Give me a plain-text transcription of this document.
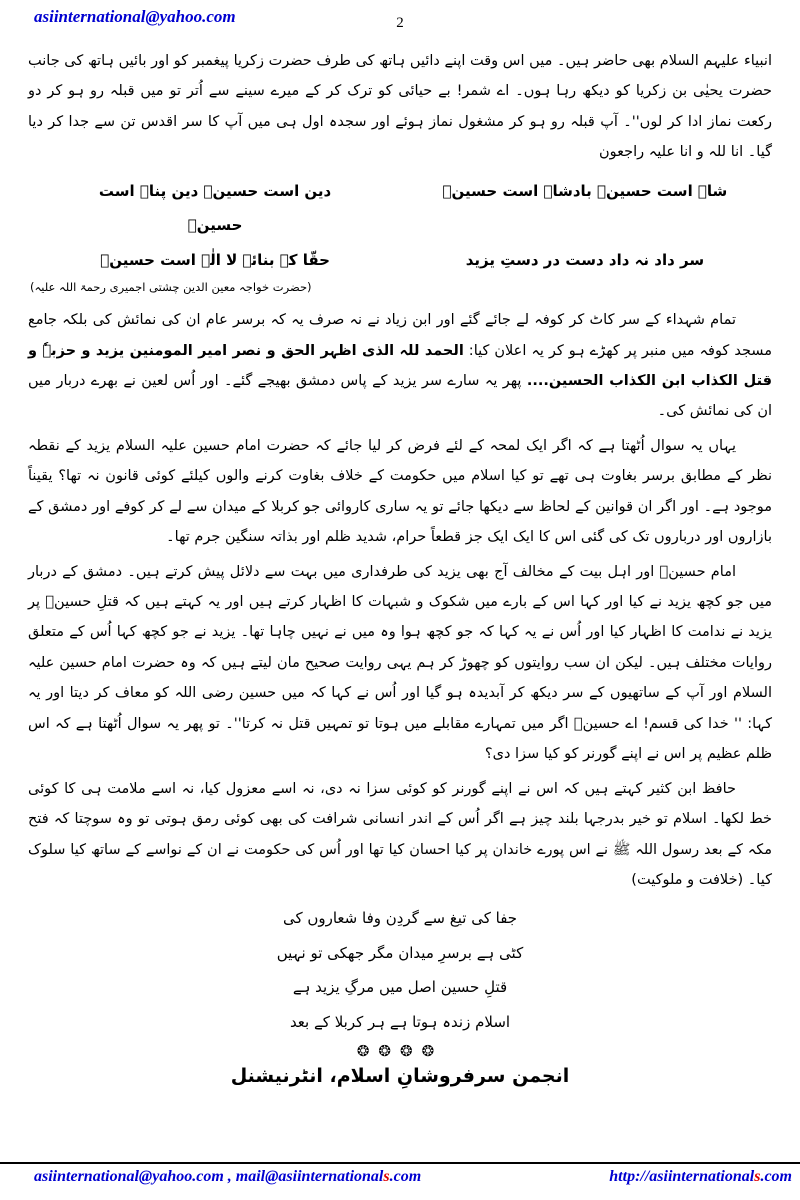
asiinternational@yahoo.com	2

انبیاء علیہم السلام بھی حاضر ہیں۔ میں اس وقت اپنے دائیں ہاتھ کی طرف حضرت زکریا پیغمبر کو اور بائیں ہاتھ کی جانب حضرت یحیٰی بن زکریا کو دیکھ رہا ہوں۔ اے شمر! بے حیائی کو ترک کر کے میرے سینے سے اُتر تو میں قبلہ رو ہو کر دو رکعت نماز ادا کر لوں''۔ آپ قبلہ رو ہو کر مشغول نماز ہوئے اور سجدہ اول ہی میں آپ کا سر اقدس تن سے جدا کر دیا گیا۔ انا للہ و انا علیہ راجعون

شاہ است حسینؑ بادشاہ است حسینؑ
دین است حسینؑ دین پناہ است حسینؑ
سر داد نہ داد دست در دستِ یزید
حقّا کہ بنائے لا الٰہ است حسینؑ
(حضرت خواجہ معین الدین چشتی اجمیری رحمۃ اللہ علیہ)

تمام شہداء کے سر کاٹ کر کوفہ لے جائے گئے اور ابن زیاد نے نہ صرف یہ کہ برسر عام ان کی نمائش کی بلکہ جامع مسجد کوفہ میں منبر پر کھڑے ہو کر یہ اعلان کیا: الحمد للہ الذی اظہر الحق و نصر امیر المومنین یزید و حزبہٗ و قتل الکذاب ابن الکذاب الحسین.... پھر یہ سارے سر یزید کے پاس دمشق بھیجے گئے۔ اور اُس لعین نے بھرے دربار میں ان کی نمائش کی۔

یہاں یہ سوال اُٹھتا ہے کہ اگر ایک لمحہ کے لئے فرض کر لیا جائے کہ حضرت امام حسین علیہ السلام یزید کے نقطہ نظر کے مطابق برسر بغاوت ہی تھے تو کیا اسلام میں حکومت کے خلاف بغاوت کرنے والوں کیلئے کوئی قانون نہ تھا؟ یقیناً موجود ہے۔ اور اگر ان قوانین کے لحاظ سے دیکھا جائے تو یہ ساری کاروائی جو کربلا کے میدان سے لے کر کوفے اور دمشق کے بازاروں اور درباروں تک کی گئی اس کا ایک ایک جز قطعاً حرام، شدید ظلم اور بذاتہ سنگین جرم تھا۔

امام حسینؑ اور اہل بیت کے مخالف آج بھی یزید کی طرفداری میں بہت سے دلائل پیش کرتے ہیں۔ دمشق کے دربار میں جو کچھ یزید نے کیا اور کہا اس کے بارے میں شکوک و شبہات کا اظہار کرتے ہیں اور یہ کہتے ہیں کہ قتلِ حسینؑ پر یزید نے ندامت کا اظہار کیا اور اُس نے یہ کہا کہ جو کچھ ہوا وہ میں نے نہیں چاہا تھا۔ یزید نے جو کچھ کہا اُس کے متعلق روایات مختلف ہیں۔ لیکن ان سب روایتوں کو چھوڑ کر ہم یہی روایت صحیح مان لیتے ہیں کہ وہ حضرت امام حسین علیہ السلام اور آپ کے ساتھیوں کے سر دیکھ کر آبدیدہ ہو گیا اور اُس نے کہا کہ میں حسین رضی اللہ کو معاف کر دیتا اور یہ کہا: '' خدا کی قسم! اے حسینؑ اگر میں تمہارے مقابلے میں ہوتا تو تمہیں قتل نہ کرتا''۔ تو پھر یہ سوال اُٹھتا ہے کہ اس ظلم عظیم پر اس نے اپنے گورنر کو کیا سزا دی؟

حافظ ابن کثیر کہتے ہیں کہ اس نے اپنے گورنر کو کوئی سزا نہ دی، نہ اسے معزول کیا، نہ اسے ملامت ہی کا کوئی خط لکھا۔ اسلام تو خیر بدرجہا بلند چیز ہے اگر اُس کے اندر انسانی شرافت کی بھی کوئی رمق ہوتی تو وہ سوچتا کہ فتح مکہ کے بعد رسول اللہ ﷺ نے اس پورے خاندان پر کیا احسان کیا تھا اور اُس کی حکومت نے ان کے نواسے کے ساتھ کیا سلوک کیا۔ (خلافت و ملوکیت)

جفا کی تیغ سے گردِن وفا شعاروں کی
کٹی ہے برسرِ میدان مگر جھکی تو نہیں
قتلِ حسین اصل میں مرگِ یزید ہے
اسلام زندہ ہوتا ہے ہر کربلا کے بعد
❂❂❂❂
انجمن سرفروشانِ اسلام، انٹرنیشنل
asiinternational@yahoo.com , mail@asiinternationals.com	http://asiinternationals.com
